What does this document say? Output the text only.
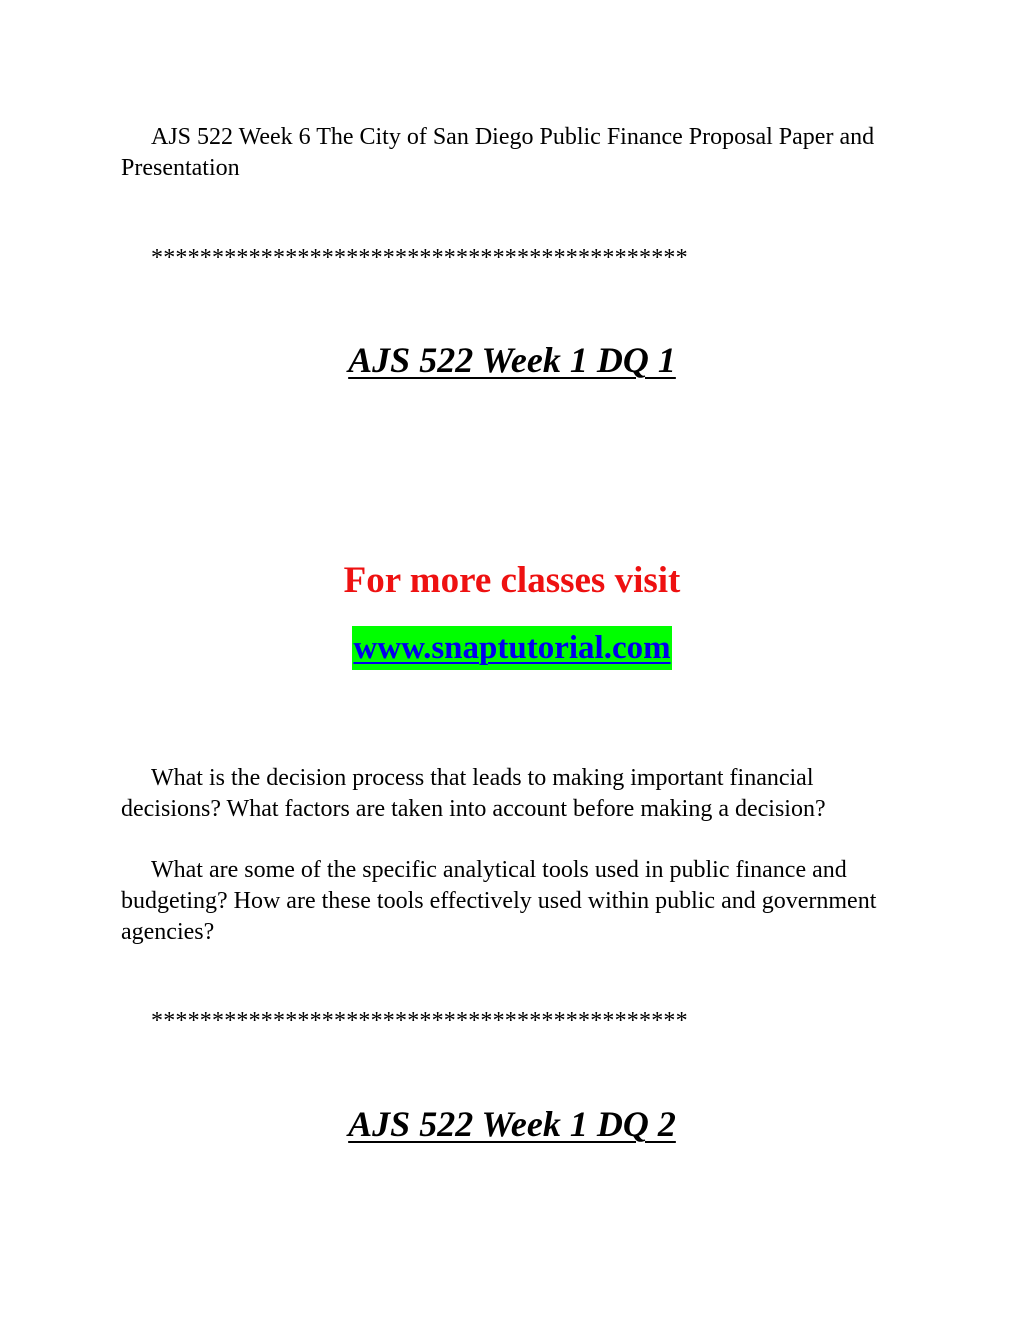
AJS 522 Week 6 The City of San Diego Public Finance Proposal Paper and Presentation

********************************************

AJS 522 Week 1 DQ 1

For more classes visit

www.snaptutorial.com

What is the decision process that leads to making important financial decisions? What factors are taken into account before making a decision?

What are some of the specific analytical tools used in public finance and budgeting? How are these tools effectively used within public and government agencies?

********************************************

AJS 522 Week 1 DQ 2
